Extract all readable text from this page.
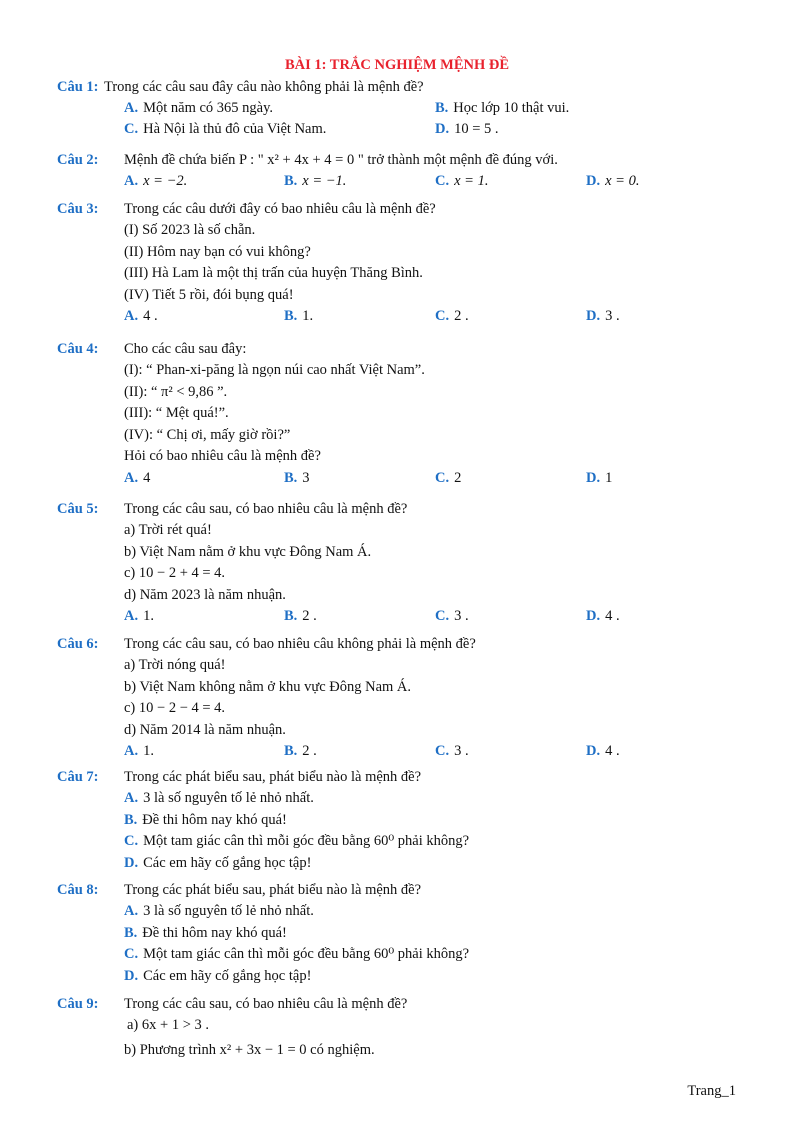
BÀI 1: TRẮC NGHIỆM MỆNH ĐỀ
Câu 1: Trong các câu sau đây câu nào không phải là mệnh đề?
A. Một năm có 365 ngày.	B. Học lớp 10 thật vui.
C. Hà Nội là thủ đô của Việt Nam.	D. 10 = 5 .
Câu 2: Mệnh đề chứa biến P : " x² + 4x + 4 = 0 " trở thành một mệnh đề đúng với.
A. x = −2.	B. x = −1.	C. x = 1.	D. x = 0.
Câu 3: Trong các câu dưới đây có bao nhiêu câu là mệnh đề?
(I) Số 2023 là số chẵn.
(II) Hôm nay bạn có vui không?
(III) Hà Lam là một thị trấn của huyện Thăng Bình.
(IV) Tiết 5 rồi, đói bụng quá!
A. 4 .	B. 1.	C. 2 .	D. 3 .
Câu 4: Cho các câu sau đây:
(I): “ Phan-xi-păng là ngọn núi cao nhất Việt Nam”.
(II): “ π² < 9,86 ”.
(III): “ Mệt quá!”.
(IV): “ Chị ơi, mấy giờ rồi?”
Hỏi có bao nhiêu câu là mệnh đề?
A. 4	B. 3	C. 2	D. 1
Câu 5: Trong các câu sau, có bao nhiêu câu là mệnh đề?
a) Trời rét quá!
b) Việt Nam nằm ở khu vực Đông Nam Á.
c) 10 − 2 + 4 = 4.
d) Năm 2023 là năm nhuận.
A. 1.	B. 2 .	C. 3 .	D. 4 .
Câu 6: Trong các câu sau, có bao nhiêu câu không phải là mệnh đề?
a) Trời nóng quá!
b) Việt Nam không nằm ở khu vực Đông Nam Á.
c) 10 − 2 − 4 = 4.
d) Năm 2014 là năm nhuận.
A. 1.	B. 2 .	C. 3 .	D. 4 .
Câu 7: Trong các phát biểu sau, phát biểu nào là mệnh đề?
A. 3 là số nguyên tố lẻ nhỏ nhất.
B. Đề thi hôm nay khó quá!
C. Một tam giác cân thì mỗi góc đều bằng 60⁰ phải không?
D. Các em hãy cố gắng học tập!
Câu 8: Trong các phát biểu sau, phát biểu nào là mệnh đề?
A. 3 là số nguyên tố lẻ nhỏ nhất.
B. Đề thi hôm nay khó quá!
C. Một tam giác cân thì mỗi góc đều bằng 60⁰ phải không?
D. Các em hãy cố gắng học tập!
Câu 9: Trong các câu sau, có bao nhiêu câu là mệnh đề?
a) 6x + 1 > 3 .
b) Phương trình x² + 3x − 1 = 0 có nghiệm.
Trang_1
